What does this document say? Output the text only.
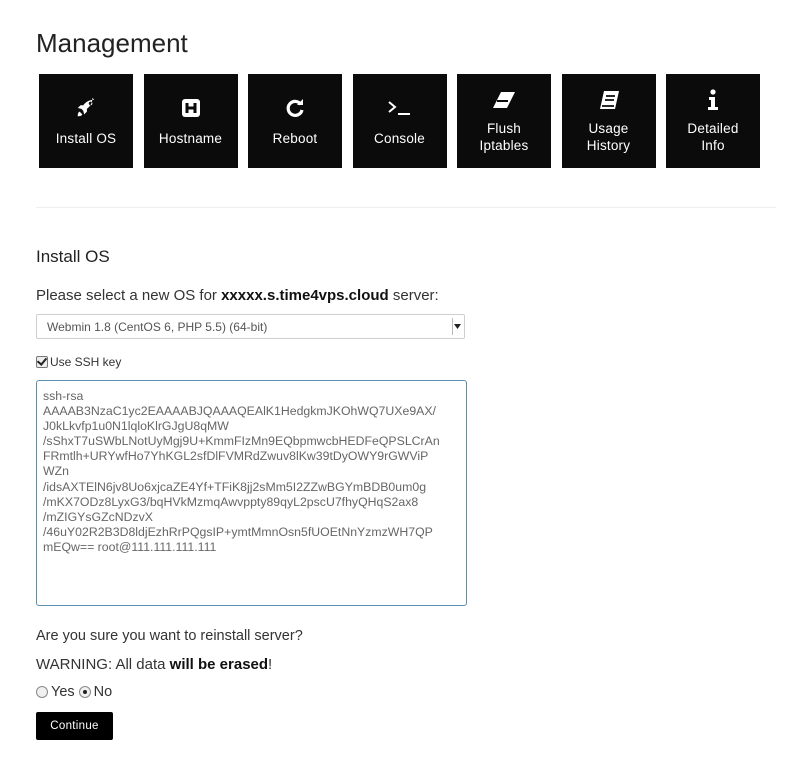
Management
Install OS	Hostname	Reboot	Console
Flush
Iptables
Usage
History
Detailed
Info
Install OS
Please select a new OS for xxxxx.s.time4vps.cloud server:
Webmin 1.8 (CentOS 6, PHP 5.5) (64-bit)
Use SSH key
ssh-rsa
AAAAB3NzaC1yc2EAAAABJQAAAQEAlK1HedgkmJKOhWQ7UXe9AX/
J0kLkvfp1u0N1lqloKlrGJgU8qMW
/sShxT7uSWbLNotUyMgj9U+KmmFIzMn9EQbpmwcbHEDFeQPSLCrAn
FRmtlh+URYwfHo7YhKGL2sfDlFVMRdZwuv8lKw39tDyOWY9rGWViP
WZn
/idsAXTElN6jv8Uo6xjcaZE4Yf+TFiK8jj2sMm5I2ZZwBGYmBDB0um0g
/mKX7ODz8LyxG3/bqHVkMzmqAwvppty89qyL2pscU7fhyQHqS2ax8
/mZIGYsGZcNDzvX
/46uY02R2B3D8ldjEzhRrPQgsIP+ymtMmnOsn5fUOEtNnYzmzWH7QP
mEQw== root@111.111.111.111
Are you sure you want to reinstall server?
WARNING: All data will be erased!
Yes No
Continue
